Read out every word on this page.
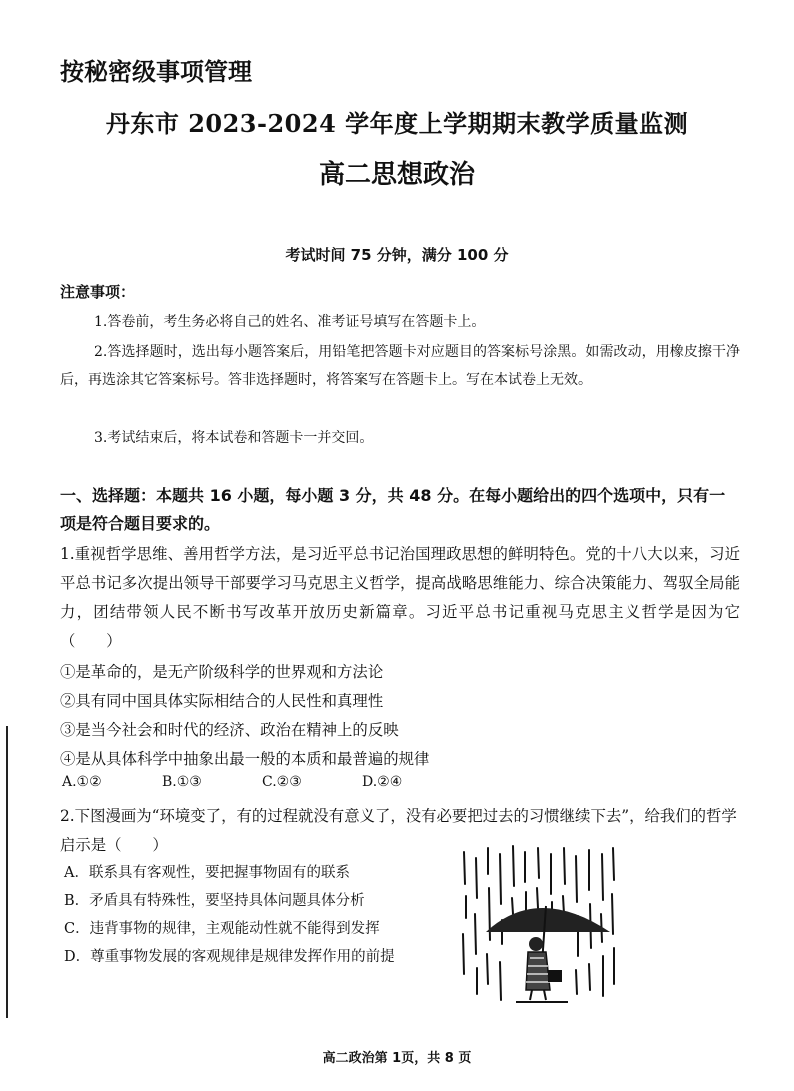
按秘密级事项管理
丹东市 2023-2024 学年度上学期期末教学质量监测
高二思想政治
考试时间 75 分钟，满分 100 分
注意事项：
1.答卷前，考生务必将自己的姓名、准考证号填写在答题卡上。
2.答选择题时，选出每小题答案后，用铅笔把答题卡对应题目的答案标号涂黑。如需改动，用橡皮擦干净后，再选涂其它答案标号。答非选择题时，将答案写在答题卡上。写在本试卷上无效。
3.考试结束后，将本试卷和答题卡一并交回。
一、选择题：本题共 16 小题，每小题 3 分，共 48 分。在每小题给出的四个选项中，只有一项是符合题目要求的。
1.重视哲学思维、善用哲学方法，是习近平总书记治国理政思想的鲜明特色。党的十八大以来，习近平总书记多次提出领导干部要学习马克思主义哲学，提高战略思维能力、综合决策能力、驾驭全局能力，团结带领人民不断书写改革开放历史新篇章。习近平总书记重视马克思主义哲学是因为它（　　）
①是革命的，是无产阶级科学的世界观和方法论
②具有同中国具体实际相结合的人民性和真理性
③是当今社会和时代的经济、政治在精神上的反映
④是从具体科学中抽象出最一般的本质和最普遍的规律
A.①②	B.①③	C.②③	D.②④
2.下图漫画为“环境变了，有的过程就没有意义了，没有必要把过去的习惯继续下去”，给我们的哲学启示是（　　）
A．联系具有客观性，要把握事物固有的联系
B．矛盾具有特殊性，要坚持具体问题具体分析
C．违背事物的规律，主观能动性就不能得到发挥
D．尊重事物发展的客观规律是规律发挥作用的前提
高二政治第 1页，共 8 页
